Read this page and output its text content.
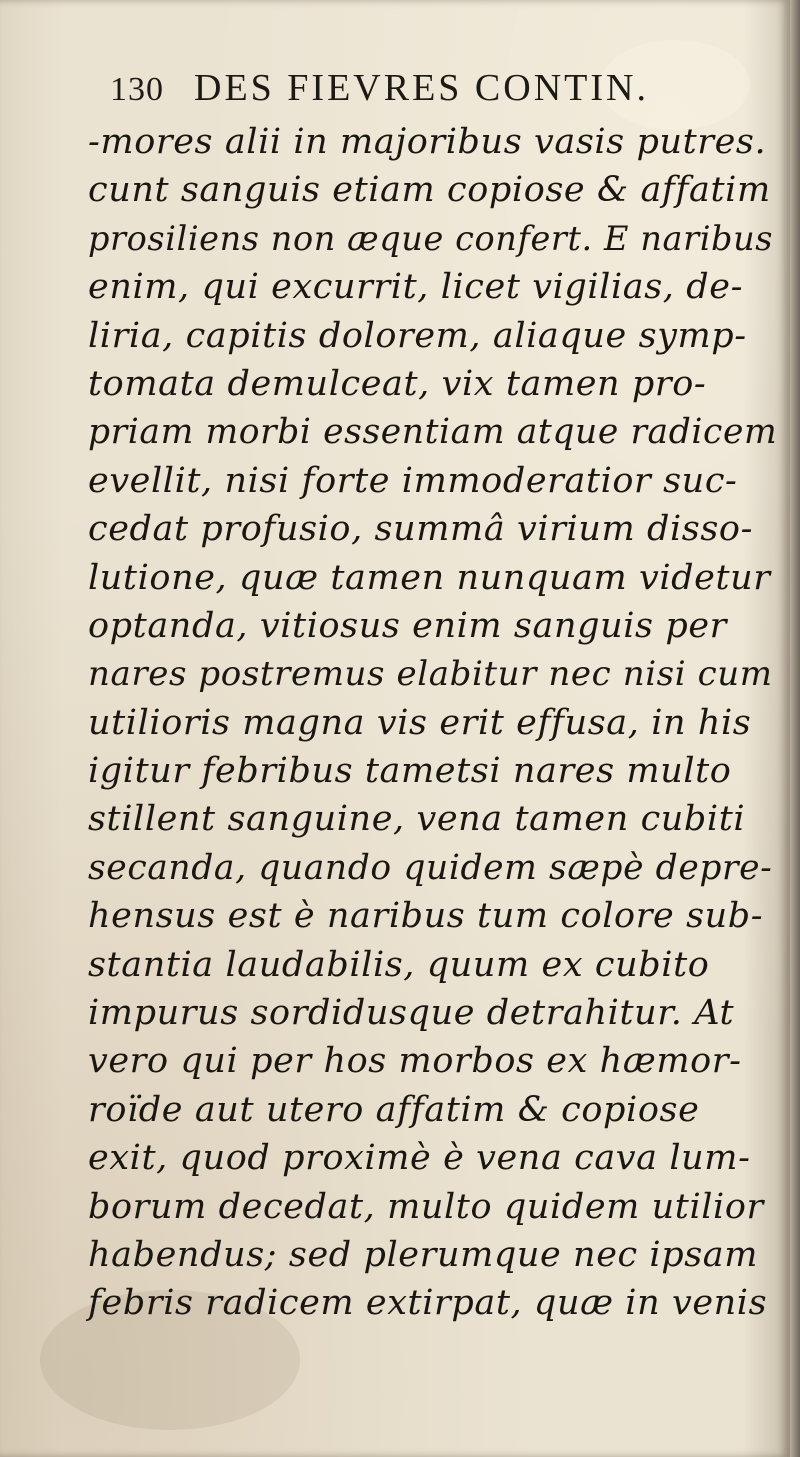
130 DES FIEVRES CONTIN.
-mores alii in majoribus vasis putres.
cunt sanguis etiam copiose & affatim
prosiliens non æque confert. E naribus
enim, qui excurrit, licet vigilias, de-
liria, capitis dolorem, aliaque symp-
tomata demulceat, vix tamen pro-
priam morbi essentiam atque radicem
evellit, nisi forte immoderatior suc-
cedat profusio, summâ virium disso-
lutione, quæ tamen nunquam videtur
optanda, vitiosus enim sanguis per
nares postremus elabitur nec nisi cum
utilioris magna vis erit effusa, in his
igitur febribus tametsi nares multo
stillent sanguine, vena tamen cubiti
secanda, quando quidem sæpè depre-
hensus est è naribus tum colore sub-
stantia laudabilis, quum ex cubito
impurus sordidusque detrahitur. At
vero qui per hos morbos ex hæmor-
roïde aut utero affatim & copiose
exit, quod proximè è vena cava lum-
borum decedat, multo quidem utilior
habendus; sed plerumque nec ipsam
febris radicem extirpat, quæ in venis
